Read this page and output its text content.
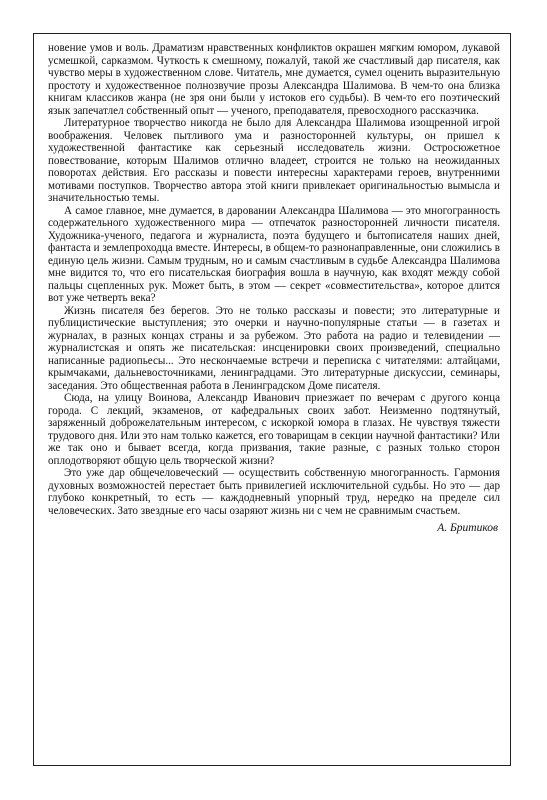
новение умов и воль. Драматизм нравственных конфликтов окрашен мягким юмором, лукавой усмешкой, сарказмом. Чуткость к смешному, пожалуй, такой же счастливый дар писателя, как чувство меры в художественном слове. Читатель, мне думается, сумел оценить выразительную простоту и художественное полнозвучие прозы Александра Шалимова. В чем-то она близка книгам классиков жанра (не зря они были у истоков его судьбы). В чем-то его поэтический язык запечатлел собственный опыт — ученого, преподавателя, превосходного рассказчика.

Литературное творчество никогда не было для Александра Шалимова изощренной игрой воображения. Человек пытливого ума и разносторонней культуры, он пришел к художественной фантастике как серьезный исследователь жизни. Остросюжетное повествование, которым Шалимов отлично владеет, строится не только на неожиданных поворотах действия. Его рассказы и повести интересны характерами героев, внутренними мотивами поступков. Творчество автора этой книги привлекает оригинальностью вымысла и значительностью темы.

А самое главное, мне думается, в даровании Александра Шалимова — это многогранность содержательного художественного мира — отпечаток разносторонней личности писателя. Художника-ученого, педагога и журналиста, поэта будущего и бытописателя наших дней, фантаста и землепроходца вместе. Интересы, в общем-то разнонаправленные, они сложились в единую цель жизни. Самым трудным, но и самым счастливым в судьбе Александра Шалимова мне видится то, что его писательская биография вошла в научную, как входят между собой пальцы сцепленных рук. Может быть, в этом — секрет «совместительства», которое длится вот уже четверть века?

Жизнь писателя без берегов. Это не только рассказы и повести; это литературные и публицистические выступления; это очерки и научно-популярные статьи — в газетах и журналах, в разных концах страны и за рубежом. Это работа на радио и телевидении — журналистская и опять же писательская: инсценировки своих произведений, специально написанные радиопьесы... Это нескончаемые встречи и переписка с читателями: алтайцами, крымчаками, дальневосточниками, ленинградцами. Это литературные дискуссии, семинары, заседания. Это общественная работа в Ленинградском Доме писателя.

Сюда, на улицу Воинова, Александр Иванович приезжает по вечерам с другого конца города. С лекций, экзаменов, от кафедральных своих забот. Неизменно подтянутый, заряженный доброжелательным интересом, с искоркой юмора в глазах. Не чувствуя тяжести трудового дня. Или это нам только кажется, его товарищам в секции научной фантастики? Или же так оно и бывает всегда, когда призвания, такие разные, с разных только сторон оплодотворяют общую цель творческой жизни?

Это уже дар общечеловеческий — осуществить собственную многогранность. Гармония духовных возможностей перестает быть привилегией исключительной судьбы. Но это — дар глубоко конкретный, то есть — каждодневный упорный труд, нередко на пределе сил человеческих. Зато звездные его часы озаряют жизнь ни с чем не сравнимым счастьем.

А. Бритиков
